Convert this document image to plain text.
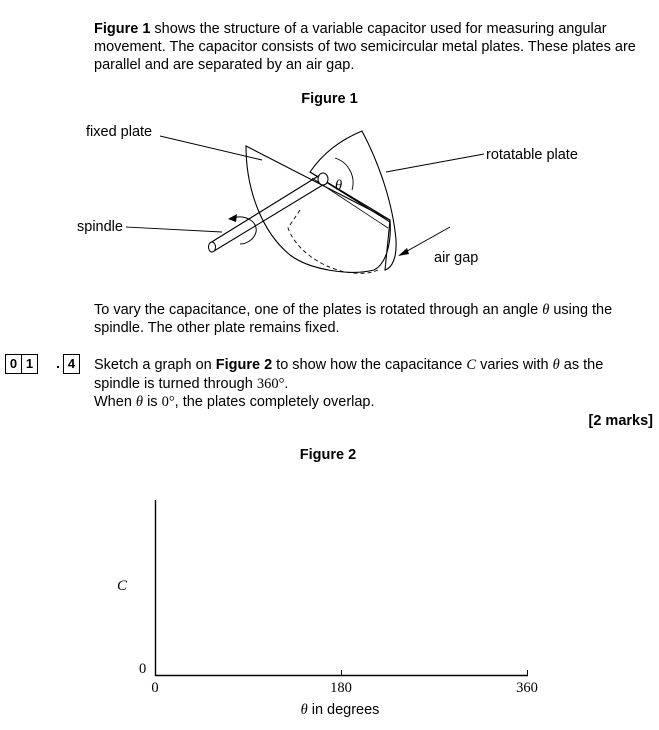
Figure 1 shows the structure of a variable capacitor used for measuring angular
movement. The capacitor consists of two semicircular metal plates. These plates are
parallel and are separated by an air gap.
Figure 1
fixed plate
rotatable plate
spindle
air gap
θ
To vary the capacitance, one of the plates is rotated through an angle θ using the
spindle. The other plate remains fixed.
0 1 . 4 Sketch a graph on Figure 2 to show how the capacitance C varies with θ as the
spindle is turned through 360°.
When θ is 0°, the plates completely overlap.
[2 marks]
Figure 2
C
0
0	180	360
θ in degrees
